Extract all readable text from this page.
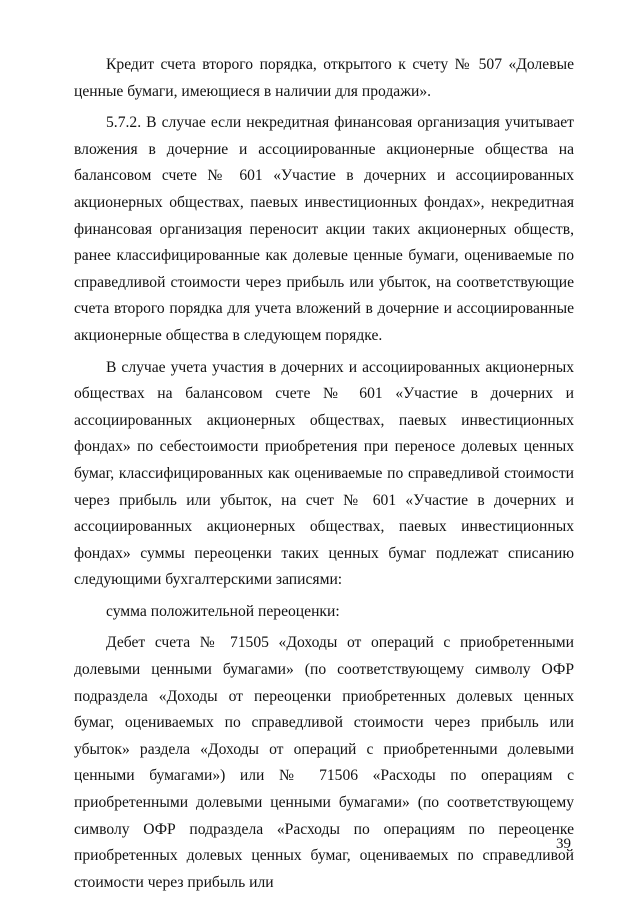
Кредит счета второго порядка, открытого к счету № 507 «Долевые ценные бумаги, имеющиеся в наличии для продажи».

5.7.2. В случае если некредитная финансовая организация учитывает вложения в дочерние и ассоциированные акционерные общества на балансовом счете № 601 «Участие в дочерних и ассоциированных акционерных обществах, паевых инвестиционных фондах», некредитная финансовая организация переносит акции таких акционерных обществ, ранее классифицированные как долевые ценные бумаги, оцениваемые по справедливой стоимости через прибыль или убыток, на соответствующие счета второго порядка для учета вложений в дочерние и ассоциированные акционерные общества в следующем порядке.

В случае учета участия в дочерних и ассоциированных акционерных обществах на балансовом счете № 601 «Участие в дочерних и ассоциированных акционерных обществах, паевых инвестиционных фондах» по себестоимости приобретения при переносе долевых ценных бумаг, классифицированных как оцениваемые по справедливой стоимости через прибыль или убыток, на счет № 601 «Участие в дочерних и ассоциированных акционерных обществах, паевых инвестиционных фондах» суммы переоценки таких ценных бумаг подлежат списанию следующими бухгалтерскими записями:

сумма положительной переоценки:

Дебет счета № 71505 «Доходы от операций с приобретенными долевыми ценными бумагами» (по соответствующему символу ОФР подраздела «Доходы от переоценки приобретенных долевых ценных бумаг, оцениваемых по справедливой стоимости через прибыль или убыток» раздела «Доходы от операций с приобретенными долевыми ценными бумагами») или № 71506 «Расходы по операциям с приобретенными долевыми ценными бумагами» (по соответствующему символу ОФР подраздела «Расходы по операциям по переоценке приобретенных долевых ценных бумаг, оцениваемых по справедливой стоимости через прибыль или

39
